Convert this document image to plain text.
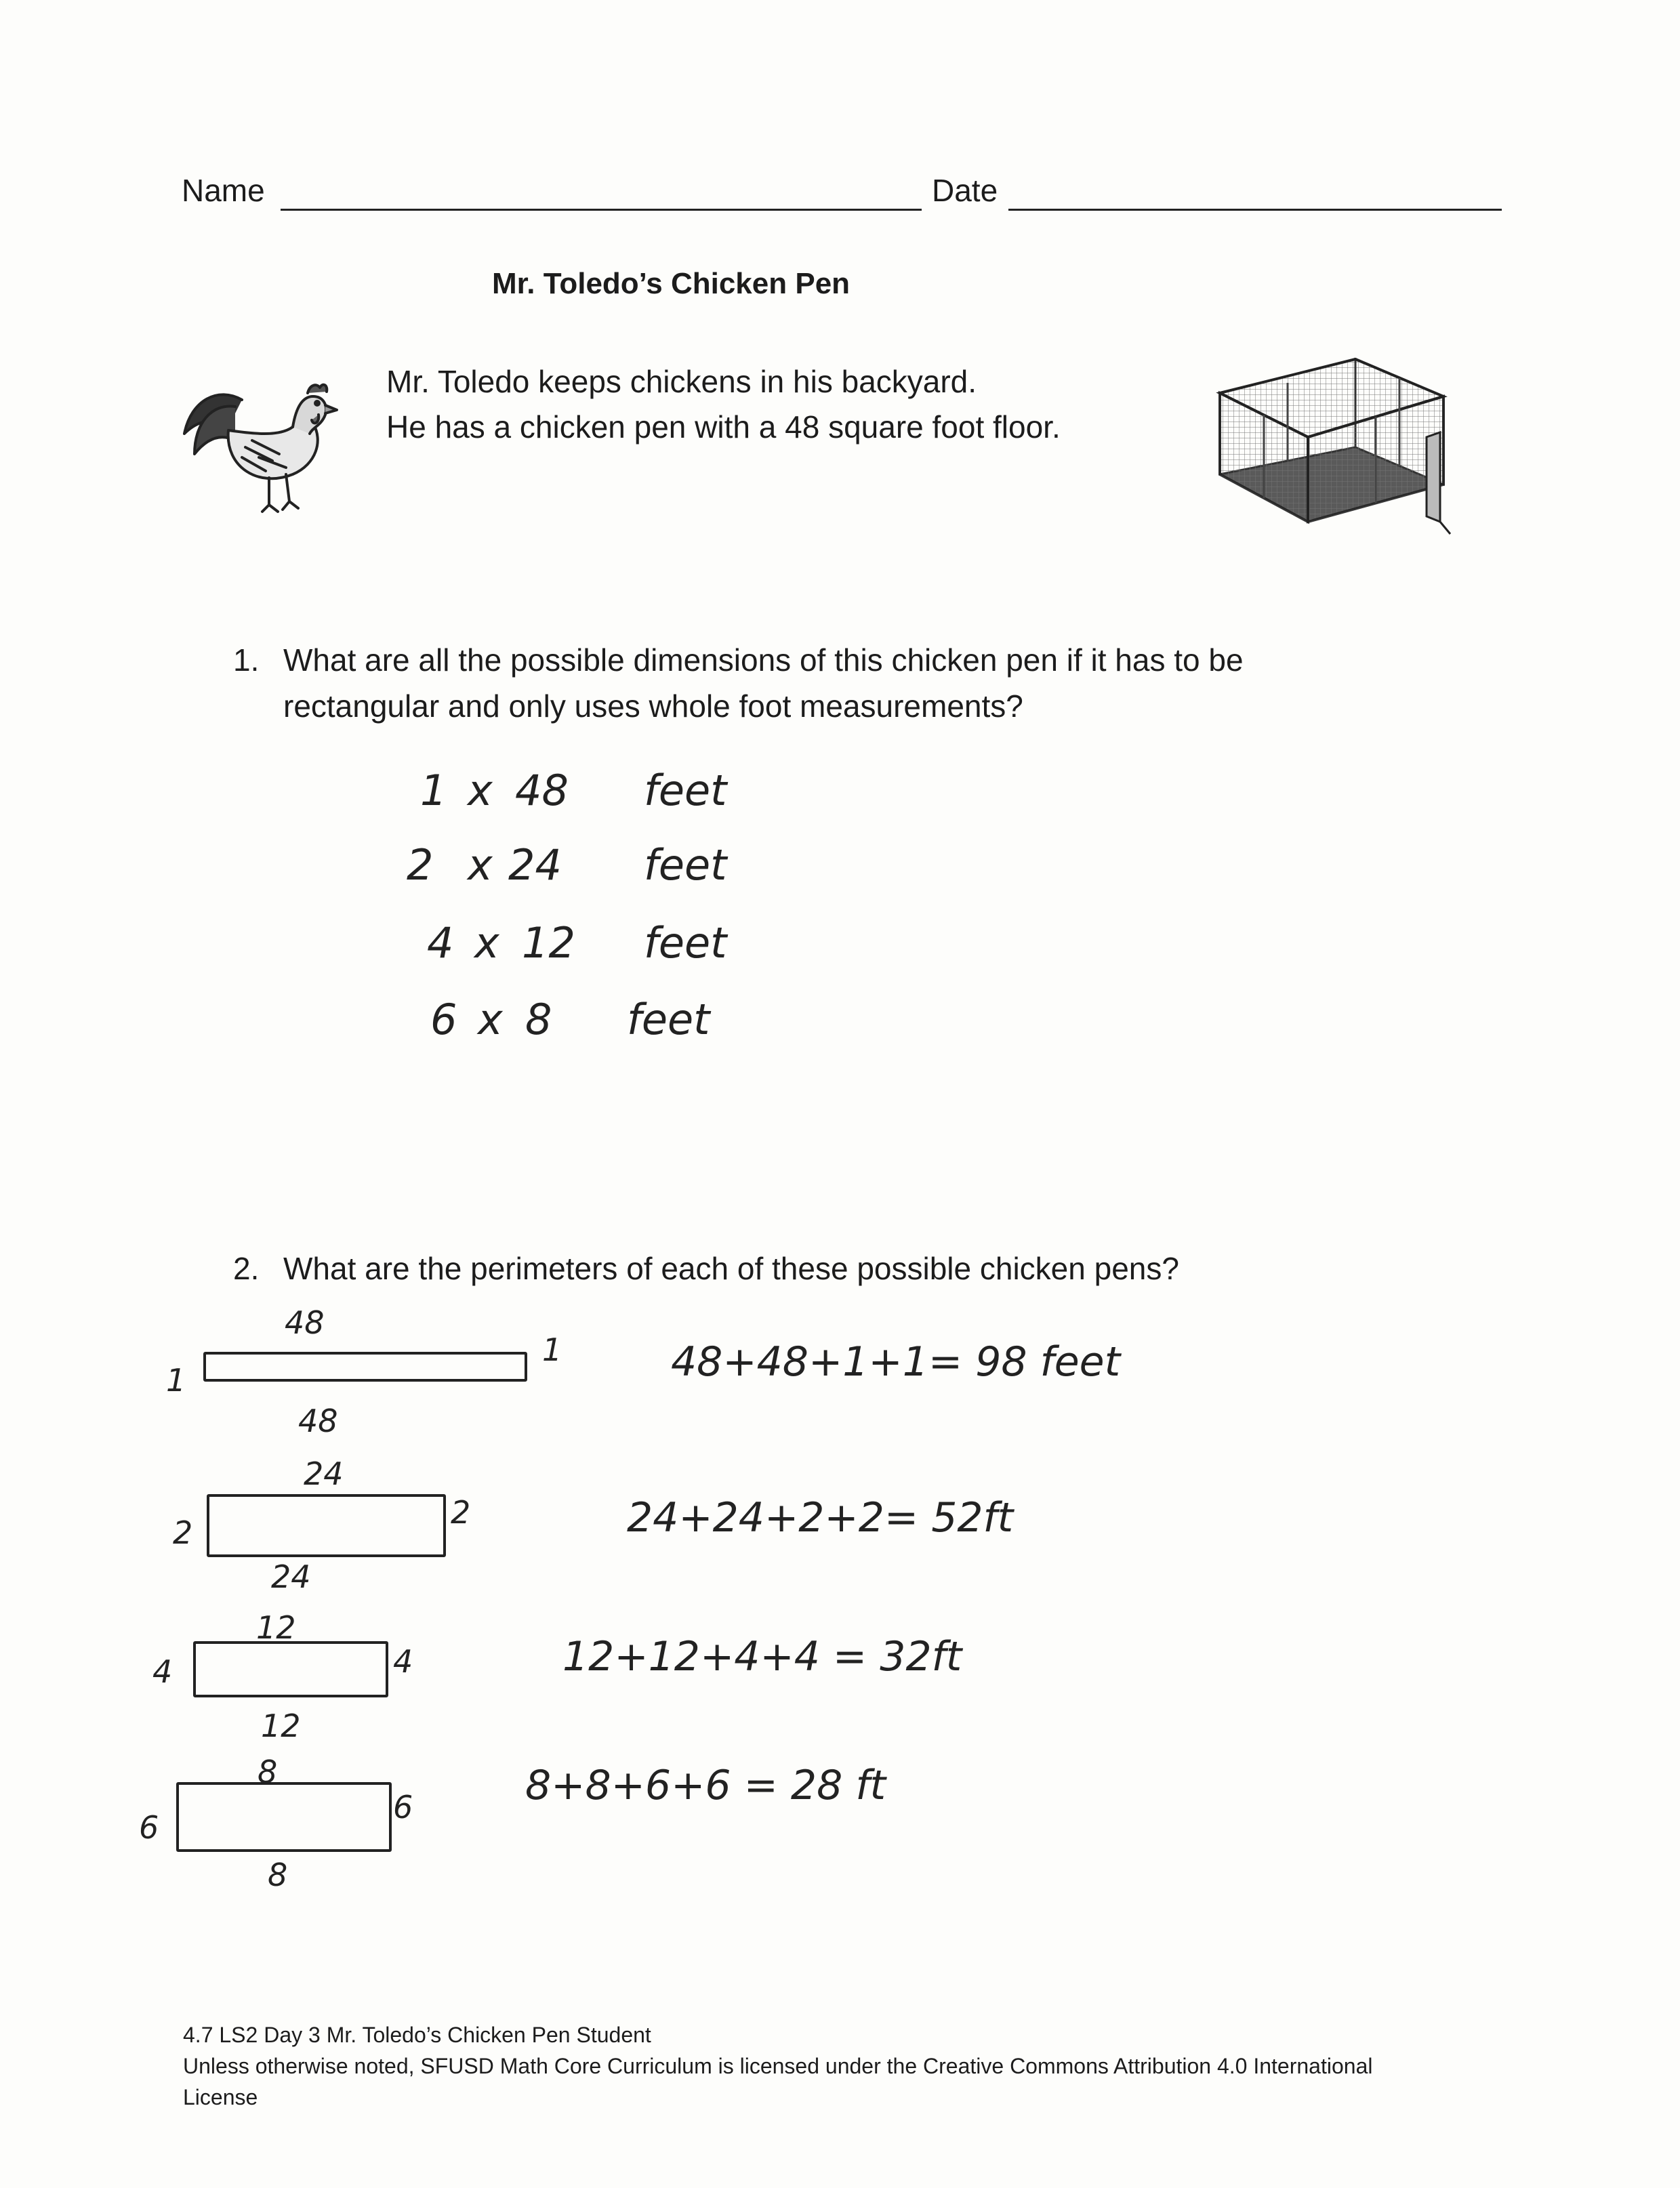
Name	Date
Mr. Toledo’s Chicken Pen
Mr. Toledo keeps chickens in his backyard.
He has a chicken pen with a 48 square foot floor.
1. What are all the possible dimensions of this chicken pen if it has to be
rectangular and only uses whole foot measurements?
1 x 48 feet
2 x 24 feet
4 x 12 feet
6 x 8 feet
2. What are the perimeters of each of these possible chicken pens?
48
1
1
48
48+48+1+1= 98 feet
24
2
2
24
24+24+2+2= 52ft
12
4	4
12
12+12+4+4 = 32ft
8
6
6
8
8+8+6+6 = 28 ft
4.7 LS2 Day 3 Mr. Toledo’s Chicken Pen Student
Unless otherwise noted, SFUSD Math Core Curriculum is licensed under the Creative Commons Attribution 4.0 International
License
